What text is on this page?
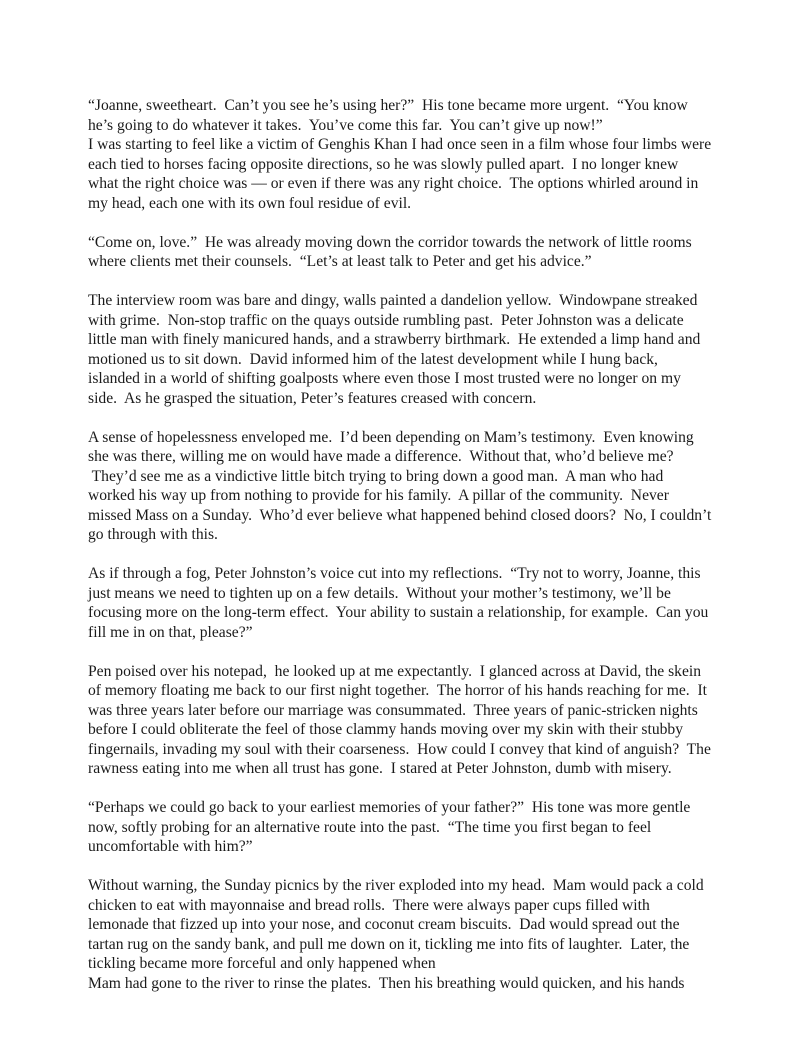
“Joanne, sweetheart.  Can’t you see he’s using her?”  His tone became more urgent.  “You know
he’s going to do whatever it takes.  You’ve come this far.  You can’t give up now!”
I was starting to feel like a victim of Genghis Khan I had once seen in a film whose four limbs were
each tied to horses facing opposite directions, so he was slowly pulled apart.  I no longer knew
what the right choice was — or even if there was any right choice.  The options whirled around in
my head, each one with its own foul residue of evil.

“Come on, love.”  He was already moving down the corridor towards the network of little rooms
where clients met their counsels.  “Let’s at least talk to Peter and get his advice.”

The interview room was bare and dingy, walls painted a dandelion yellow.  Windowpane streaked
with grime.  Non-stop traffic on the quays outside rumbling past.  Peter Johnston was a delicate
little man with finely manicured hands, and a strawberry birthmark.  He extended a limp hand and
motioned us to sit down.  David informed him of the latest development while I hung back,
islanded in a world of shifting goalposts where even those I most trusted were no longer on my
side.  As he grasped the situation, Peter’s features creased with concern.

A sense of hopelessness enveloped me.  I’d been depending on Mam’s testimony.  Even knowing
she was there, willing me on would have made a difference.  Without that, who’d believe me?
They’d see me as a vindictive little bitch trying to bring down a good man.  A man who had
worked his way up from nothing to provide for his family.  A pillar of the community.  Never
missed Mass on a Sunday.  Who’d ever believe what happened behind closed doors?  No, I couldn’t
go through with this.

As if through a fog, Peter Johnston’s voice cut into my reflections.  “Try not to worry, Joanne, this
just means we need to tighten up on a few details.  Without your mother’s testimony, we’ll be
focusing more on the long-term effect.  Your ability to sustain a relationship, for example.  Can you
fill me in on that, please?”

Pen poised over his notepad,  he looked up at me expectantly.  I glanced across at David, the skein
of memory floating me back to our first night together.  The horror of his hands reaching for me.  It
was three years later before our marriage was consummated.  Three years of panic-stricken nights
before I could obliterate the feel of those clammy hands moving over my skin with their stubby
fingernails, invading my soul with their coarseness.  How could I convey that kind of anguish?  The
rawness eating into me when all trust has gone.  I stared at Peter Johnston, dumb with misery.

“Perhaps we could go back to your earliest memories of your father?”  His tone was more gentle
now, softly probing for an alternative route into the past.  “The time you first began to feel
uncomfortable with him?”

Without warning, the Sunday picnics by the river exploded into my head.  Mam would pack a cold
chicken to eat with mayonnaise and bread rolls.  There were always paper cups filled with
lemonade that fizzed up into your nose, and coconut cream biscuits.  Dad would spread out the
tartan rug on the sandy bank, and pull me down on it, tickling me into fits of laughter.  Later, the
tickling became more forceful and only happened when
Mam had gone to the river to rinse the plates.  Then his breathing would quicken, and his hands
